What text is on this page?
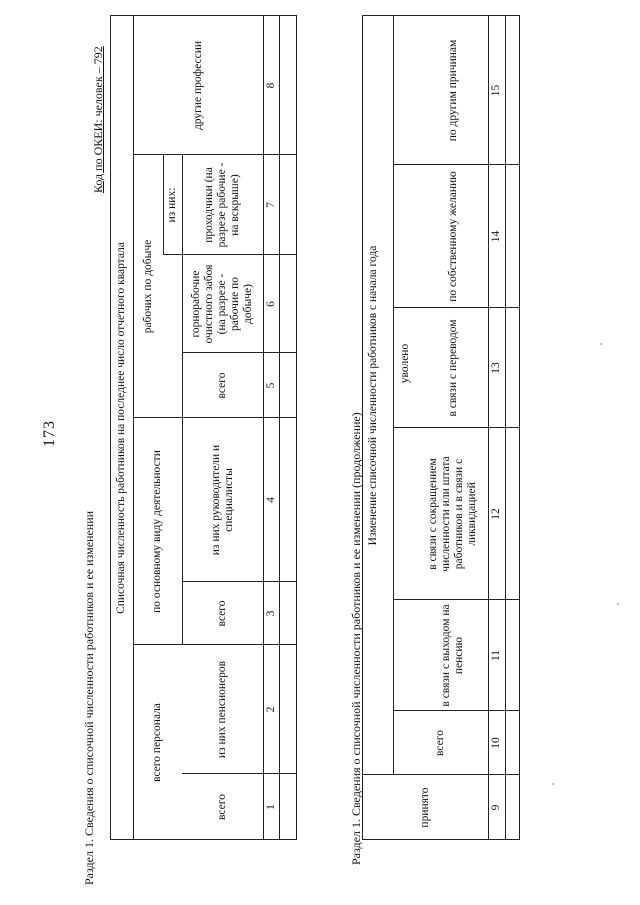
173
Раздел 1. Сведения о списочной численности работников и ее изменении
Код по ОКЕИ: человек – 792
Списочная численность работников на последнее число отчетного квартала
всего персонала
по основному виду деятельности
рабочих по добыче
из них:
всего
из них пенсионеров
всего
из них руководители и специалисты
всего
горнорабочие очистного забоя (на разрезе - рабочие по добыче)
проходчики (на разрезе рабочие - на вскрыше)
другие профессии
1
2
3
4
5
6
7
8
Раздел 1. Сведения о списочной численности работников и ее изменении (продолжение)
Изменение списочной численности работников с начала года
принято
уволено
всего
в связи с выходом на пенсию
в связи с сокращением численности или штата работников и в связи с ликвидацией
в связи с переводом
по собственному желанию
по другим причинам
9
10
11
12
13
14
15
